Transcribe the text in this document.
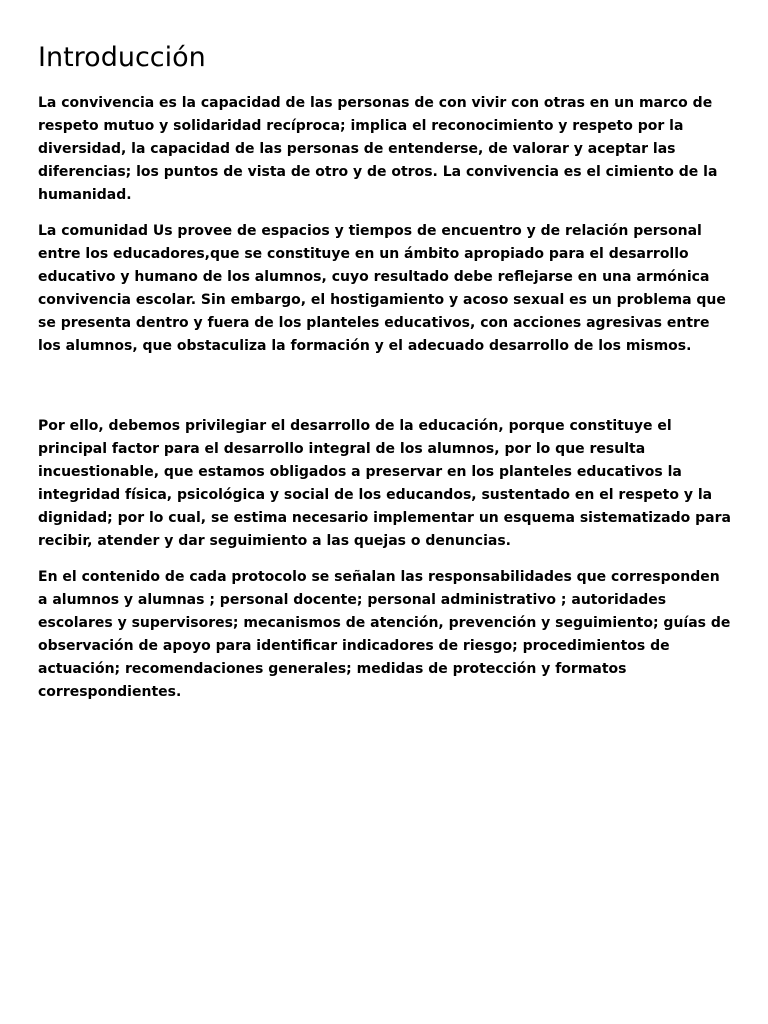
Introducción

La convivencia es la capacidad de las personas de con vivir con otras en un marco de respeto mutuo y solidaridad recíproca; implica el reconocimiento y respeto por la diversidad, la capacidad de las personas de entenderse, de valorar y aceptar las diferencias; los puntos de vista de otro y de otros. La convivencia es el cimiento de la humanidad.

La comunidad Us provee de espacios y tiempos de encuentro y de relación personal entre los educadores,que se constituye en un ámbito apropiado para el desarrollo educativo y humano de los alumnos, cuyo resultado debe reflejarse en una armónica convivencia escolar. Sin embargo, el hostigamiento y acoso sexual es un problema que se presenta dentro y fuera de los planteles educativos, con acciones agresivas entre los alumnos, que obstaculiza la formación y el adecuado desarrollo de los mismos.

Por ello, debemos privilegiar el desarrollo de la educación, porque constituye el principal factor para el desarrollo integral de los alumnos, por lo que resulta incuestionable, que estamos obligados a preservar en los planteles educativos la integridad física, psicológica y social de los educandos, sustentado en el respeto y la dignidad; por lo cual, se estima necesario implementar un esquema sistematizado para recibir, atender y dar seguimiento a las quejas o denuncias.

En el contenido de cada protocolo se señalan las responsabilidades que corresponden a alumnos y alumnas ; personal docente; personal administrativo ; autoridades escolares y supervisores; mecanismos de atención, prevención y seguimiento; guías de observación de apoyo para identificar indicadores de riesgo; procedimientos de actuación; recomendaciones generales; medidas de protección y formatos correspondientes.
